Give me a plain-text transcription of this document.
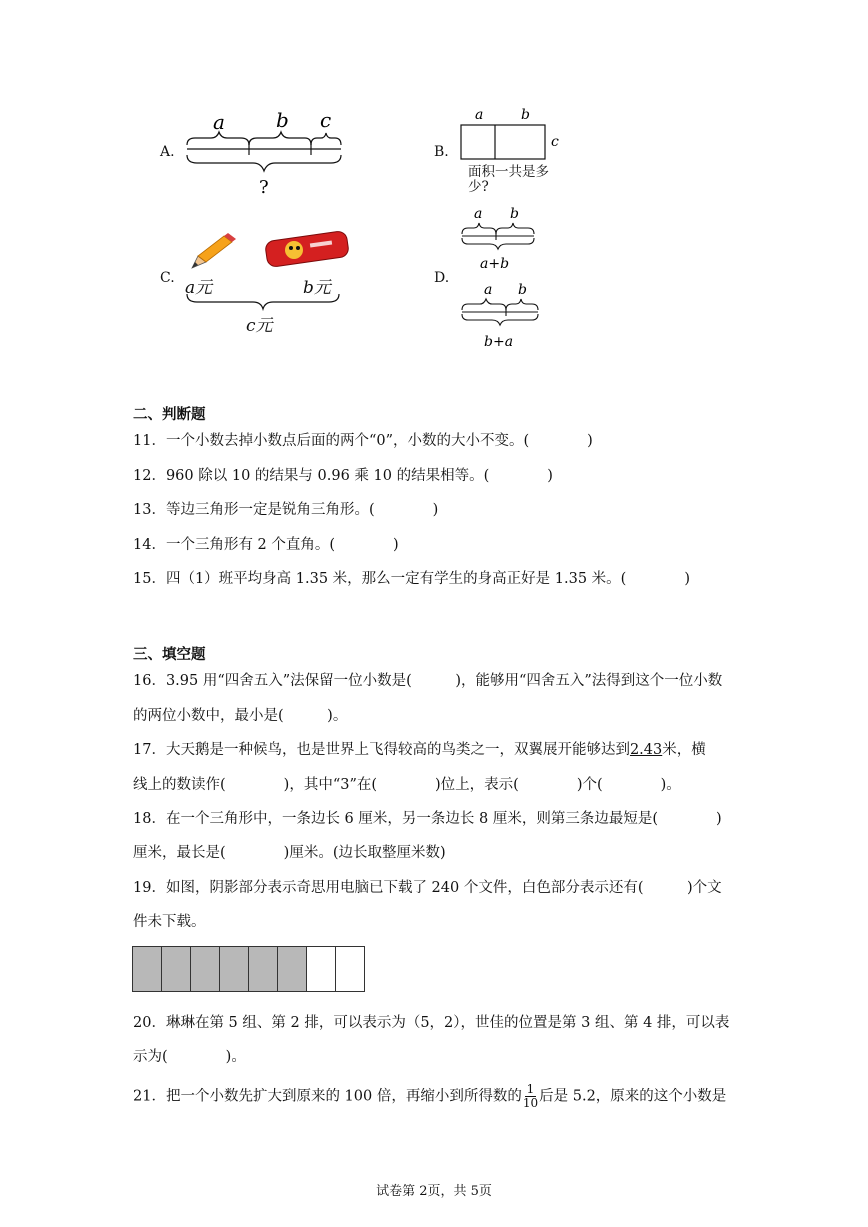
A.
a	b c
?
B.
a	b
c
面积一共是多少?
C. a元	b元
c元
D.
a b
a+b
a b
b+a
二、判断题
11．一个小数去掉小数点后面的两个“0”，小数的大小不变。(　　　　)
12．960 除以 10 的结果与 0.96 乘 10 的结果相等。(　　　　)
13．等边三角形一定是锐角三角形。(　　　　)
14．一个三角形有 2 个直角。(　　　　)
15．四（1）班平均身高 1.35 米，那么一定有学生的身高正好是 1.35 米。(　　　　)
三、填空题
16．3.95 用“四舍五入”法保留一位小数是(　　　)，能够用“四舍五入”法得到这个一位小数
的两位小数中，最小是(　　　)。
17．大天鹅是一种候鸟，也是世界上飞得较高的鸟类之一，双翼展开能够达到2.43米，横
线上的数读作(　　　　)，其中“3”在(　　　　)位上，表示(　　　　)个(　　　　)。
18．在一个三角形中，一条边长 6 厘米，另一条边长 8 厘米，则第三条边最短是(　　　　)
厘米，最长是(　　　　)厘米。(边长取整厘米数)
19．如图，阴影部分表示奇思用电脑已下载了 240 个文件，白色部分表示还有(　　　)个文
件未下载。
20．琳琳在第 5 组、第 2 排，可以表示为（5，2），世佳的位置是第 3 组、第 4 排，可以表
示为(　　　　)。
21．把一个小数先扩大到原来的 100 倍，再缩小到所得数的 $\frac{1}{10}$ 后是 5.2，原来的这个小数是
试卷第 2页，共 5页
